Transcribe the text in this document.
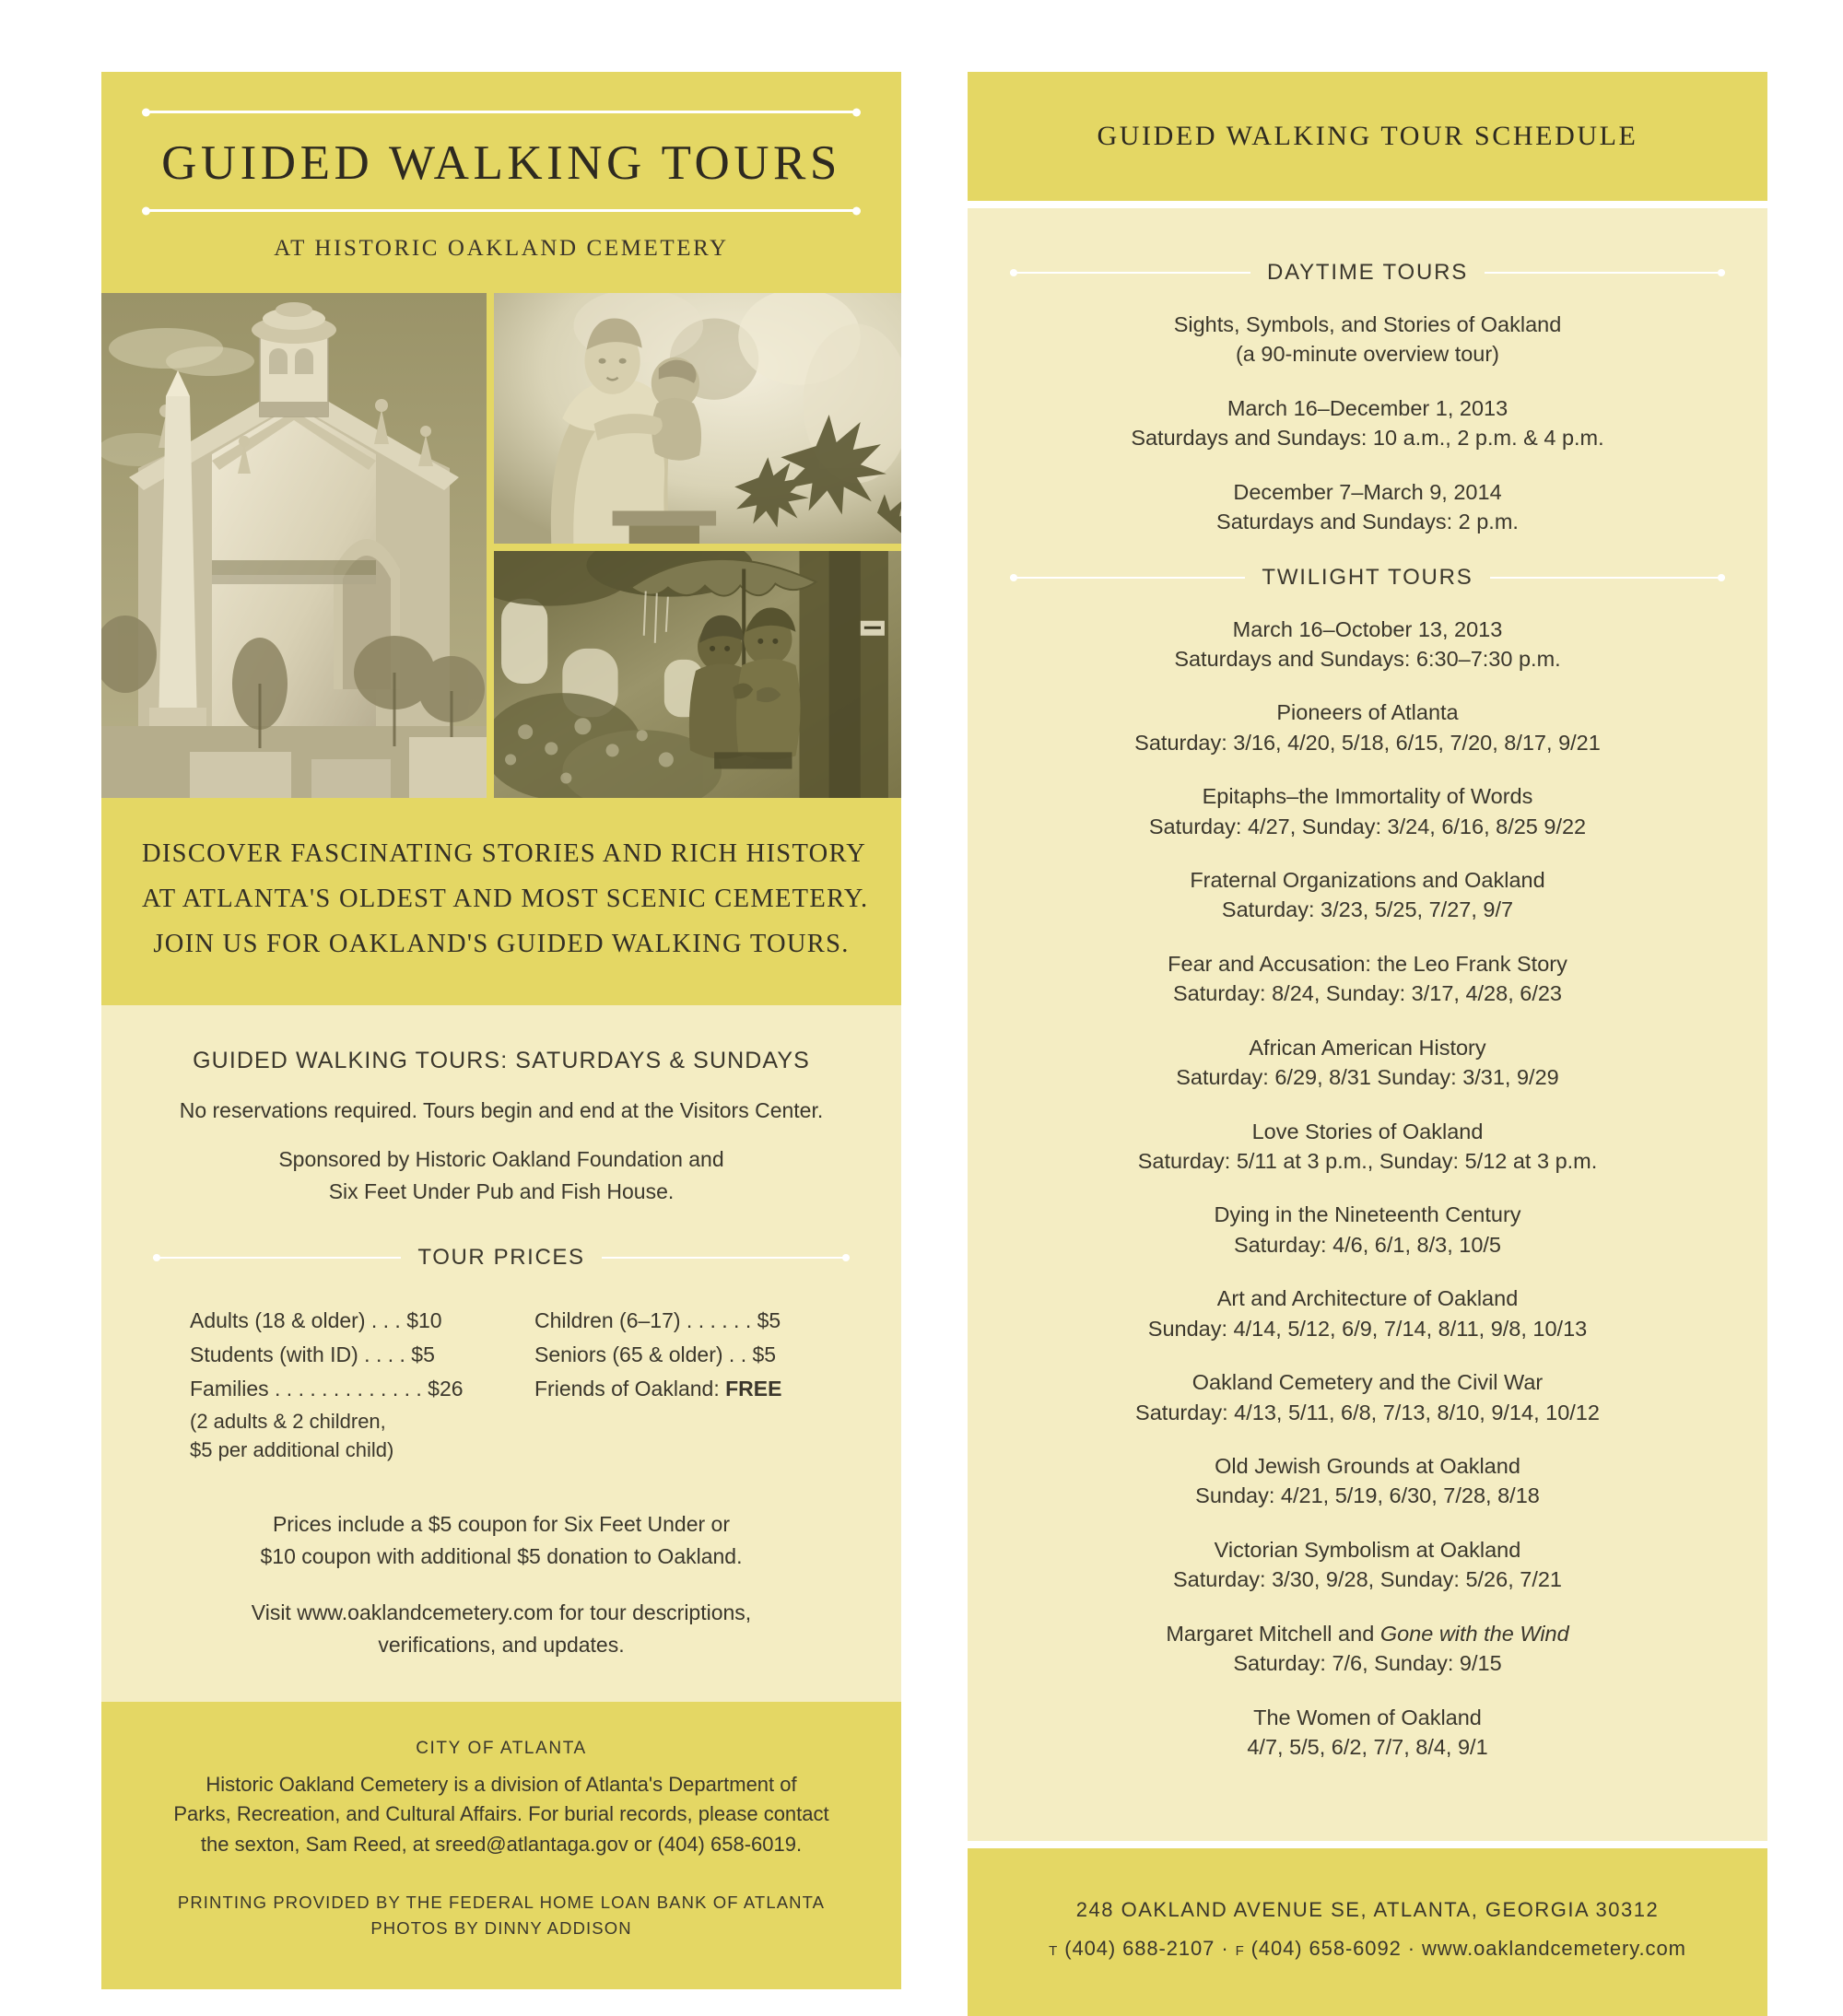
GUIDED WALKING TOURS
AT HISTORIC OAKLAND CEMETERY
DISCOVER FASCINATING STORIES AND RICH HISTORY
AT ATLANTA'S OLDEST AND MOST SCENIC CEMETERY.
JOIN US FOR OAKLAND'S GUIDED WALKING TOURS.
GUIDED WALKING TOURS: SATURDAYS & SUNDAYS
No reservations required. Tours begin and end at the Visitors Center.
Sponsored by Historic Oakland Foundation and
Six Feet Under Pub and Fish House.
TOUR PRICES
Adults (18 & older) . . . $10
Students (with ID) . . . . $5
Families . . . . . . . . . . . . . $26
(2 adults & 2 children,
$5 per additional child)
Children (6–17) . . . . . . $5
Seniors (65 & older) . . $5
Friends of Oakland: FREE
Prices include a $5 coupon for Six Feet Under or
$10 coupon with additional $5 donation to Oakland.
Visit www.oaklandcemetery.com for tour descriptions,
verifications, and updates.
CITY OF ATLANTA
Historic Oakland Cemetery is a division of Atlanta's Department of
Parks, Recreation, and Cultural Affairs. For burial records, please contact
the sexton, Sam Reed, at sreed@atlantaga.gov or (404) 658-6019.
PRINTING PROVIDED BY THE FEDERAL HOME LOAN BANK OF ATLANTA
PHOTOS BY DINNY ADDISON
GUIDED WALKING TOUR SCHEDULE
DAYTIME TOURS
Sights, Symbols, and Stories of Oakland
(a 90-minute overview tour)
March 16–December 1, 2013
Saturdays and Sundays: 10 a.m., 2 p.m. & 4 p.m.
December 7–March 9, 2014
Saturdays and Sundays: 2 p.m.
TWILIGHT TOURS
March 16–October 13, 2013
Saturdays and Sundays: 6:30–7:30 p.m.
Pioneers of Atlanta
Saturday: 3/16, 4/20, 5/18, 6/15, 7/20, 8/17, 9/21
Epitaphs–the Immortality of Words
Saturday: 4/27, Sunday: 3/24, 6/16, 8/25 9/22
Fraternal Organizations and Oakland
Saturday: 3/23, 5/25, 7/27, 9/7
Fear and Accusation: the Leo Frank Story
Saturday: 8/24, Sunday: 3/17, 4/28, 6/23
African American History
Saturday: 6/29, 8/31 Sunday: 3/31, 9/29
Love Stories of Oakland
Saturday: 5/11 at 3 p.m., Sunday: 5/12 at 3 p.m.
Dying in the Nineteenth Century
Saturday: 4/6, 6/1, 8/3, 10/5
Art and Architecture of Oakland
Sunday: 4/14, 5/12, 6/9, 7/14, 8/11, 9/8, 10/13
Oakland Cemetery and the Civil War
Saturday: 4/13, 5/11, 6/8, 7/13, 8/10, 9/14, 10/12
Old Jewish Grounds at Oakland
Sunday: 4/21, 5/19, 6/30, 7/28, 8/18
Victorian Symbolism at Oakland
Saturday: 3/30, 9/28, Sunday: 5/26, 7/21
Margaret Mitchell and Gone with the Wind
Saturday: 7/6, Sunday: 9/15
The Women of Oakland
4/7, 5/5, 6/2, 7/7, 8/4, 9/1
248 OAKLAND AVENUE SE, ATLANTA, GEORGIA 30312
T (404) 688-2107 · F (404) 658-6092 · www.oaklandcemetery.com
